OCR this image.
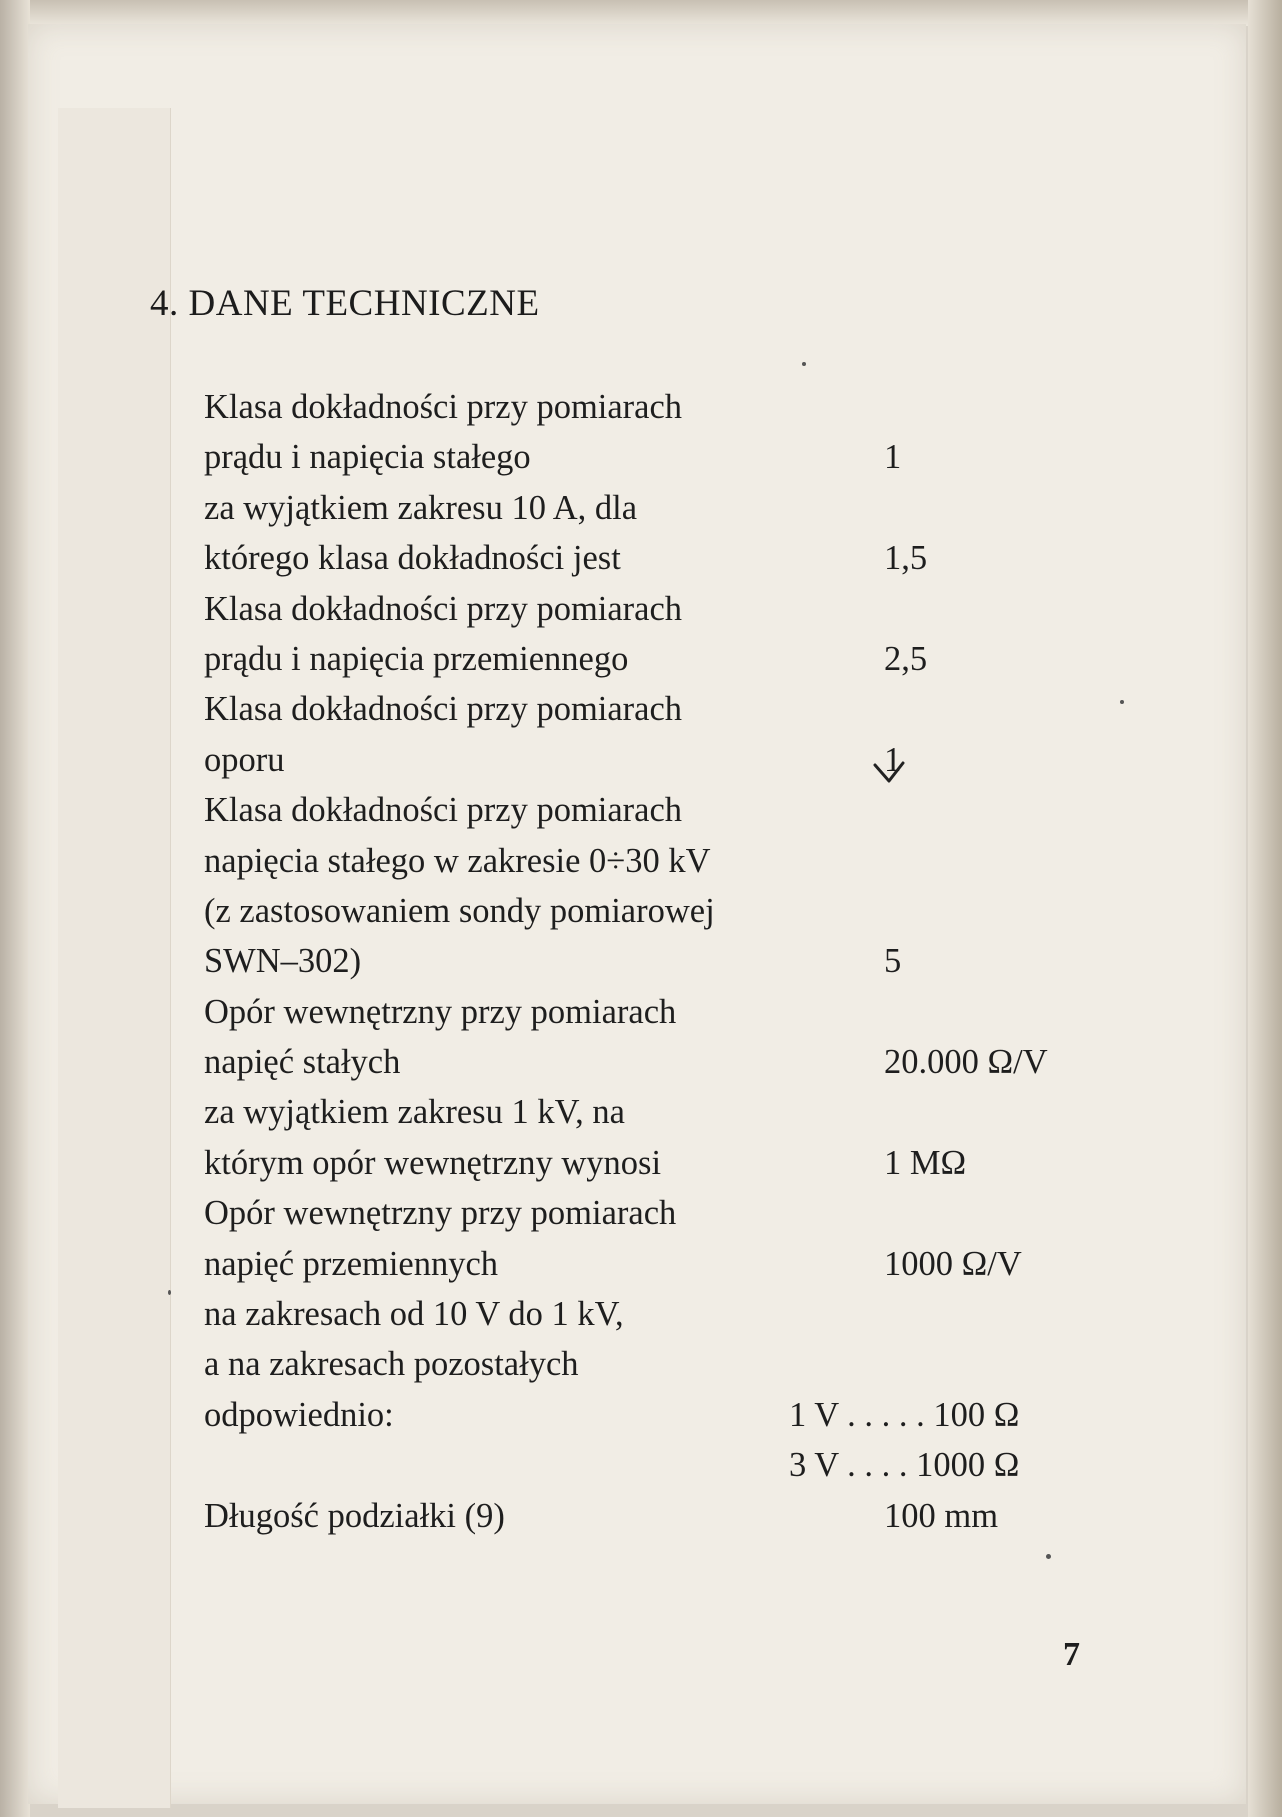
4. DANE TECHNICZNE
Klasa dokładności przy pomiarach
prądu i napięcia stałego	1
za wyjątkiem zakresu 10 A, dla
którego klasa dokładności jest	1,5
Klasa dokładności przy pomiarach
prądu i napięcia przemiennego	2,5
Klasa dokładności przy pomiarach
oporu	1
Klasa dokładności przy pomiarach
napięcia stałego w zakresie 0÷30 kV
(z zastosowaniem sondy pomiarowej
SWN–302)	5
Opór wewnętrzny przy pomiarach
napięć stałych	20.000 Ω/V
za wyjątkiem zakresu 1 kV, na
którym opór wewnętrzny wynosi	1 MΩ
Opór wewnętrzny przy pomiarach
napięć przemiennych	1000 Ω/V
na zakresach od 10 V do 1 kV,
a na zakresach pozostałych
odpowiednio:	1 V . . . . . 100 Ω
3 V . . . . 1000 Ω
Długość podziałki (9)	100 mm
7
